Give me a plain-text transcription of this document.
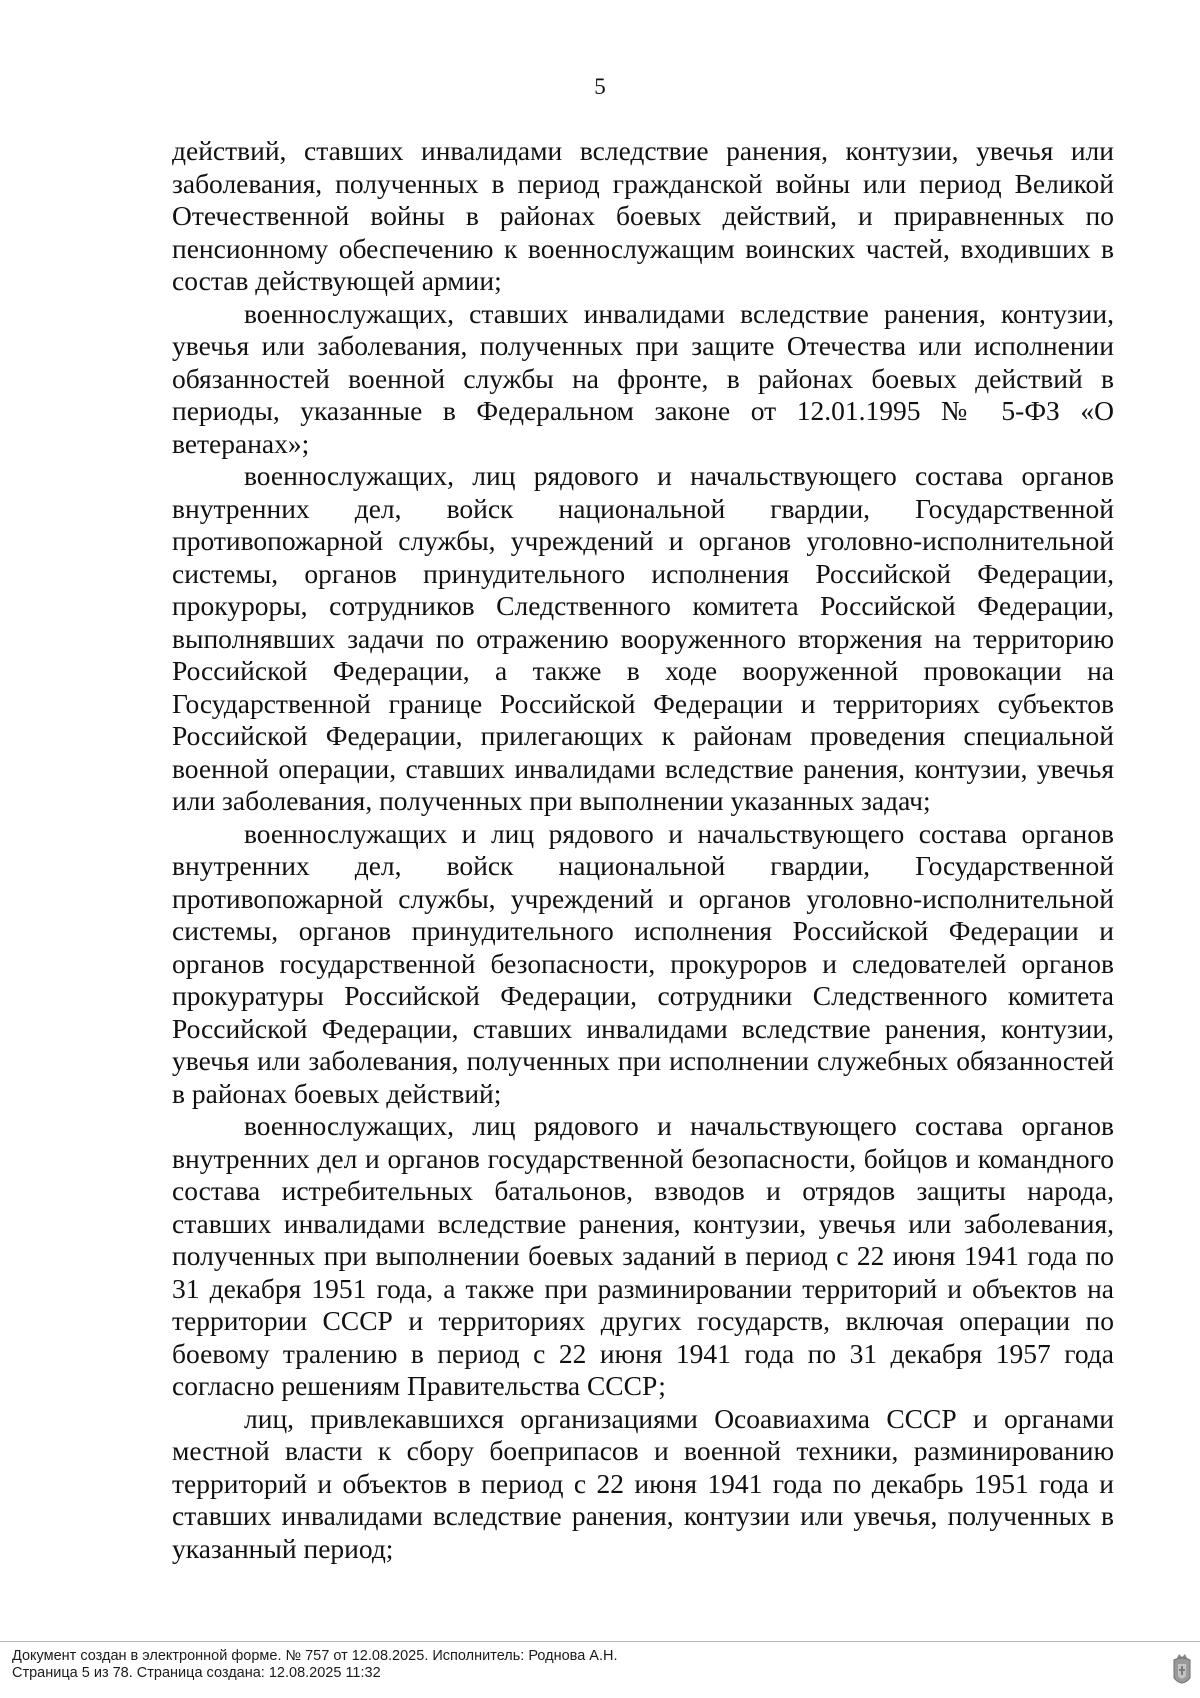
5

действий, ставших инвалидами вследствие ранения, контузии, увечья или заболевания, полученных в период гражданской войны или период Великой Отечественной войны в районах боевых действий, и приравненных по пенсионному обеспечению к военнослужащим воинских частей, входивших в состав действующей армии;

военнослужащих, ставших инвалидами вследствие ранения, контузии, увечья или заболевания, полученных при защите Отечества или исполнении обязанностей военной службы на фронте, в районах боевых действий в периоды, указанные в Федеральном законе от 12.01.1995 № 5-ФЗ «О ветеранах»;

военнослужащих, лиц рядового и начальствующего состава органов внутренних дел, войск национальной гвардии, Государственной противопожарной службы, учреждений и органов уголовно-исполнительной системы, органов принудительного исполнения Российской Федерации, прокуроры, сотрудников Следственного комитета Российской Федерации, выполнявших задачи по отражению вооруженного вторжения на территорию Российской Федерации, а также в ходе вооруженной провокации на Государственной границе Российской Федерации и территориях субъектов Российской Федерации, прилегающих к районам проведения специальной военной операции, ставших инвалидами вследствие ранения, контузии, увечья или заболевания, полученных при выполнении указанных задач;

военнослужащих и лиц рядового и начальствующего состава органов внутренних дел, войск национальной гвардии, Государственной противопожарной службы, учреждений и органов уголовно-исполнительной системы, органов принудительного исполнения Российской Федерации и органов государственной безопасности, прокуроров и следователей органов прокуратуры Российской Федерации, сотрудники Следственного комитета Российской Федерации, ставших инвалидами вследствие ранения, контузии, увечья или заболевания, полученных при исполнении служебных обязанностей в районах боевых действий;

военнослужащих, лиц рядового и начальствующего состава органов внутренних дел и органов государственной безопасности, бойцов и командного состава истребительных батальонов, взводов и отрядов защиты народа, ставших инвалидами вследствие ранения, контузии, увечья или заболевания, полученных при выполнении боевых заданий в период с 22 июня 1941 года по 31 декабря 1951 года, а также при разминировании территорий и объектов на территории СССР и территориях других государств, включая операции по боевому тралению в период с 22 июня 1941 года по 31 декабря 1957 года согласно решениям Правительства СССР;

лиц, привлекавшихся организациями Осоавиахима СССР и органами местной власти к сбору боеприпасов и военной техники, разминированию территорий и объектов в период с 22 июня 1941 года по декабрь 1951 года и ставших инвалидами вследствие ранения, контузии или увечья, полученных в указанный период;

Документ создан в электронной форме. № 757 от 12.08.2025. Исполнитель: Роднова А.Н.
Страница 5 из 78. Страница создана: 12.08.2025 11:32
